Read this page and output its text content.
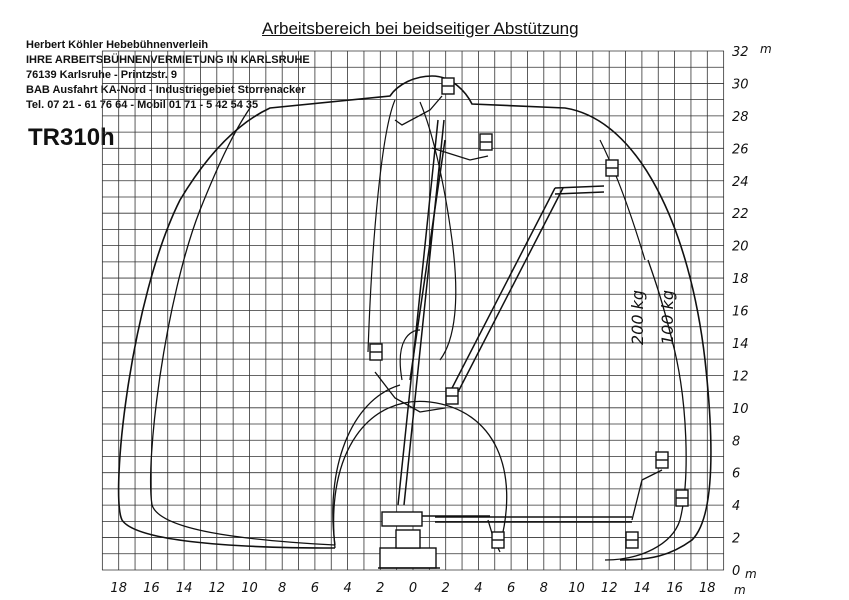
Arbeitsbereich bei beidseitiger Abstützung
Herbert Köhler Hebebühnenverleih
IHRE ARBEITSBÜHNENVERMIETUNG IN KARLSRUHE
76139 Karlsruhe - Printzstr. 9
BAB Ausfahrt KA-Nord - Industriegebiet Storrenacker
Tel. 07 21 - 61 76 64 - Mobil 01 71 - 5 42 54 35
TR310h
0
2
4
6
8
10
12
14
16
18
20
22
24
26
28
30
32
18 16 14 12 10 8 6 4 2 0 2 4 6 8 10 12 14 16 18
m
m
m
200 kg 100 kg
